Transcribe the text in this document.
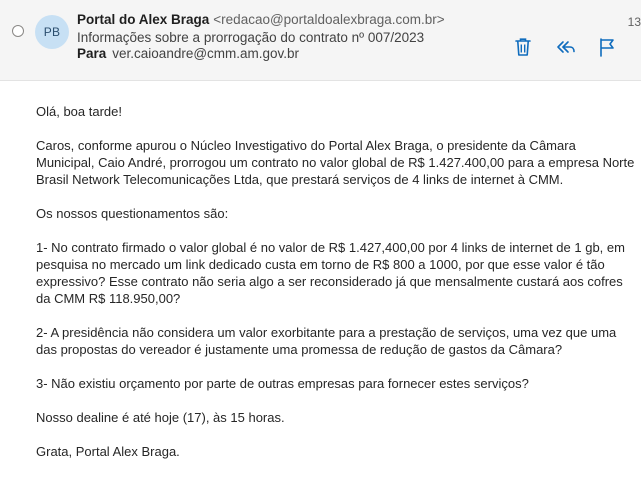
PB
Portal do Alex Braga <redacao@portaldoalexbraga.com.br>
Informações sobre a prorrogação do contrato nº 007/2023
Para ver.caioandre@cmm.am.gov.br
13

Olá, boa tarde!

Caros, conforme apurou o Núcleo Investigativo do Portal Alex Braga, o presidente da Câmara Municipal, Caio André, prorrogou um contrato no valor global de R$ 1.427.400,00 para a empresa Norte Brasil Network Telecomunicações Ltda, que prestará serviços de 4 links de internet à CMM.

Os nossos questionamentos são:

1- No contrato firmado o valor global é no valor de R$ 1.427,400,00 por 4 links de internet de 1 gb, em pesquisa no mercado um link dedicado custa em torno de R$ 800 a 1000, por que esse valor é tão expressivo? Esse contrato não seria algo a ser reconsiderado já que mensalmente custará aos cofres da CMM R$ 118.950,00?

2- A presidência não considera um valor exorbitante para a prestação de serviços, uma vez que uma das propostas do vereador é justamente uma promessa de redução de gastos da Câmara?

3- Não existiu orçamento por parte de outras empresas para fornecer estes serviços?

Nosso dealine é até hoje (17), às 15 horas.

Grata, Portal Alex Braga.
